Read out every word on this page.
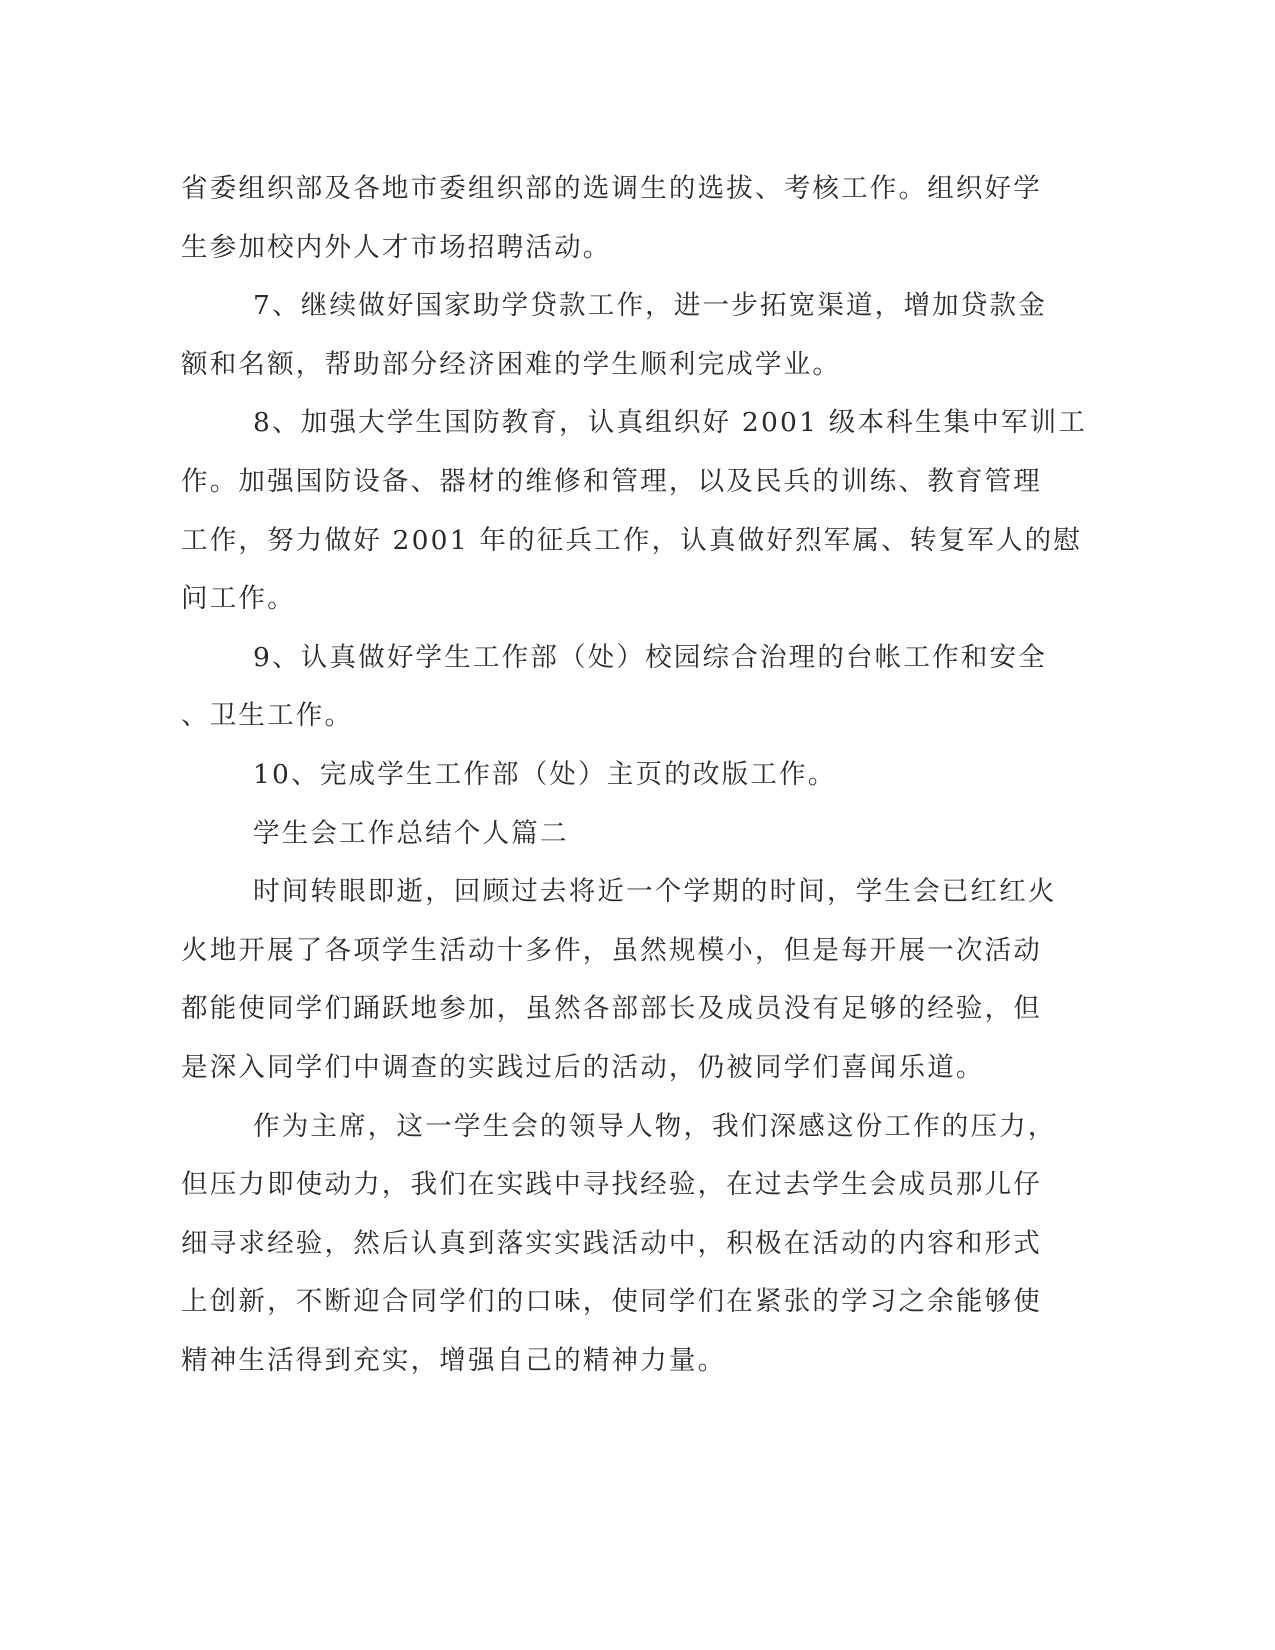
省委组织部及各地市委组织部的选调生的选拔、考核工作。组织好学
生参加校内外人才市场招聘活动。
7、继续做好国家助学贷款工作，进一步拓宽渠道，增加贷款金
额和名额，帮助部分经济困难的学生顺利完成学业。
8、加强大学生国防教育，认真组织好 2001 级本科生集中军训工
作。加强国防设备、器材的维修和管理，以及民兵的训练、教育管理
工作，努力做好 2001 年的征兵工作，认真做好烈军属、转复军人的慰
问工作。
9、认真做好学生工作部（处）校园综合治理的台帐工作和安全
、卫生工作。
10、完成学生工作部（处）主页的改版工作。
学生会工作总结个人篇二
时间转眼即逝，回顾过去将近一个学期的时间，学生会已红红火
火地开展了各项学生活动十多件，虽然规模小，但是每开展一次活动
都能使同学们踊跃地参加，虽然各部部长及成员没有足够的经验，但
是深入同学们中调查的实践过后的活动，仍被同学们喜闻乐道。
作为主席，这一学生会的领导人物，我们深感这份工作的压力，
但压力即使动力，我们在实践中寻找经验，在过去学生会成员那儿仔
细寻求经验，然后认真到落实实践活动中，积极在活动的内容和形式
上创新，不断迎合同学们的口味，使同学们在紧张的学习之余能够使
精神生活得到充实，增强自己的精神力量。
